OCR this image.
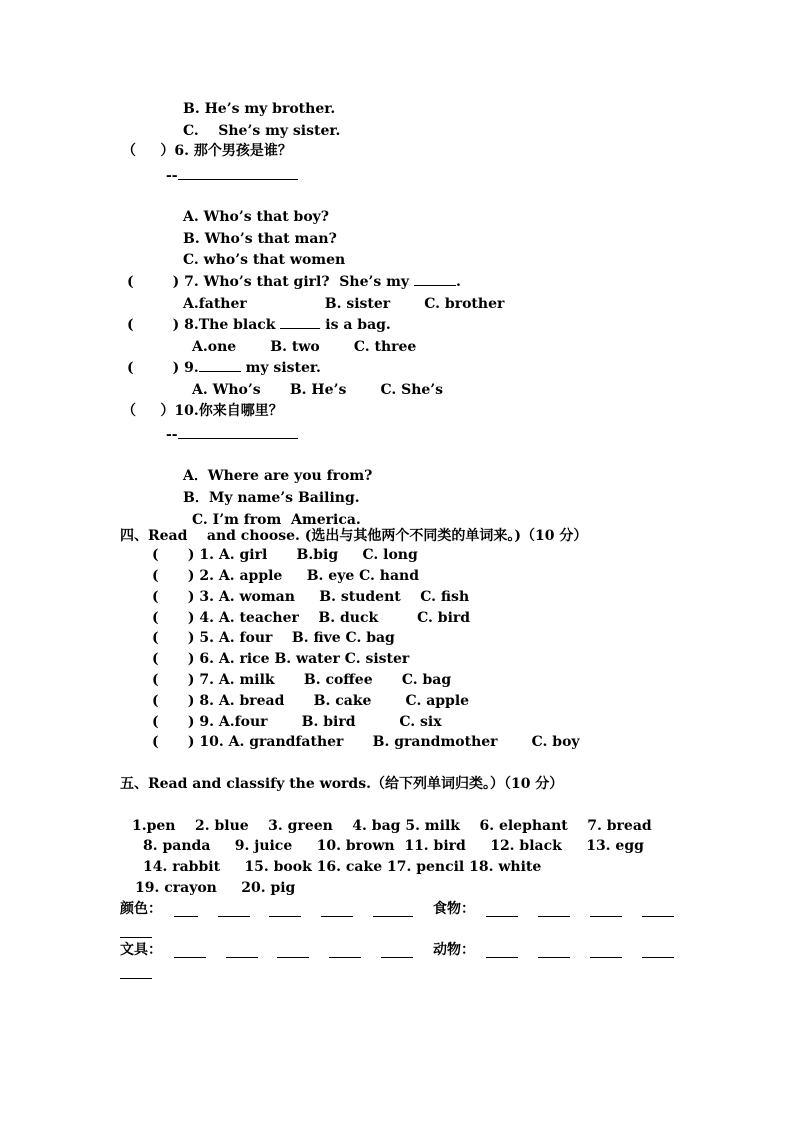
B. He’s my brother.
C.    She’s my sister.
（     ）6. 那个男孩是谁？
--
A. Who’s that boy?
B. Who’s that man?
C. who’s that women
(        ) 7. Who’s that girl?  She’s my	.
A.father                B. sister       C. brother
(        ) 8.The black	is a bag.
A.one       B. two       C. three
(        ) 9.	my sister.
A. Who’s      B. He’s       C. She’s
（     ）10.你来自哪里？
--
A．Where are you from?
B．My name’s Bailing.
C. I’m from  America.
四、Read    and choose. (选出与其他两个不同类的单词来。)（10 分）
(      ) 1. A. girl      B.big     C. long
(      ) 2. A. apple     B. eye C. hand
(      ) 3. A. woman     B. student    C. fish
(      ) 4. A. teacher    B. duck        C. bird
(      ) 5. A. four    B. five C. bag
(      ) 6. A. rice B. water C. sister
(      ) 7. A. milk      B. coffee      C. bag
(      ) 8. A. bread      B. cake       C. apple
(      ) 9. A.four       B. bird         C. six
(      ) 10. A. grandfather      B. grandmother       C. boy
五、Read and classify the words.（给下列单词归类。）（10 分）
1.pen    2. blue    3. green    4. bag 5. milk    6. elephant    7. bread
8. panda     9. juice     10. brown  11. bird     12. black     13. egg
14. rabbit     15. book 16. cake 17. pencil 18. white
19. crayon     20. pig
颜色：	食物：
文具：	动物：
